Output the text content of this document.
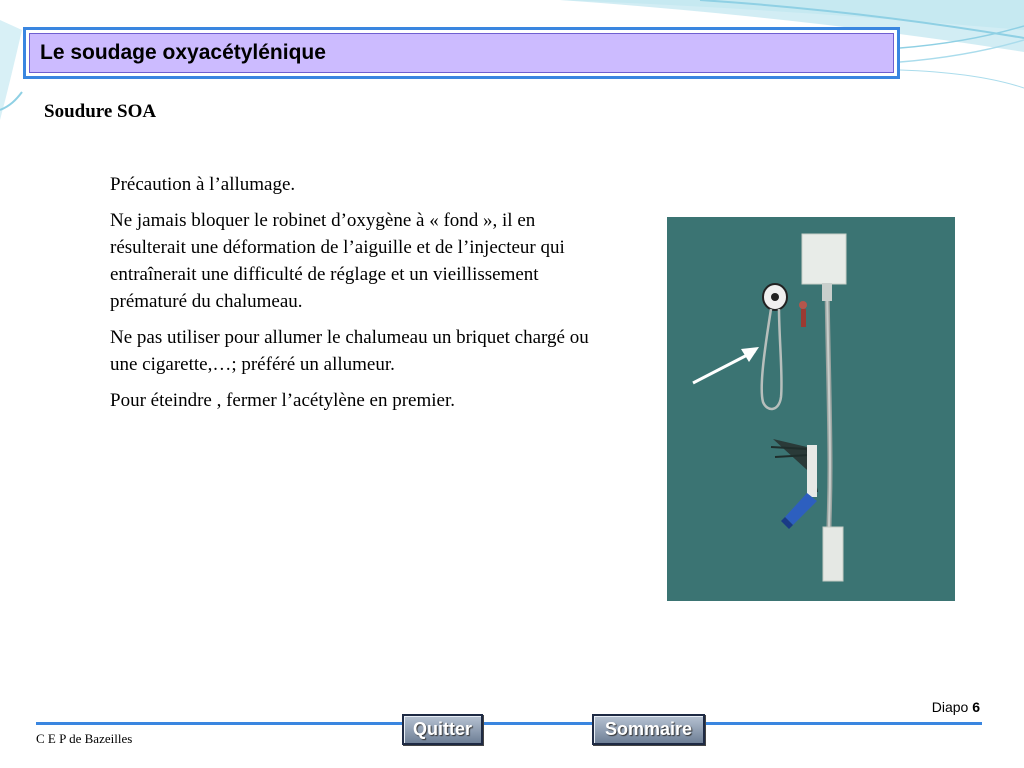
Le soudage oxyacétylénique
Soudure SOA

Précaution à l’allumage.

Ne jamais bloquer le robinet d’oxygène à « fond », il en résulterait une déformation de l’aiguille et de l’injecteur qui entraînerait une difficulté de réglage et un vieillissement prématuré du chalumeau.

Ne pas utiliser pour allumer le chalumeau un briquet chargé ou une cigarette,…; préféré un allumeur.

Pour éteindre , fermer l’acétylène en premier.

Diapo 6
C E P de Bazeilles	Quitter	Sommaire
